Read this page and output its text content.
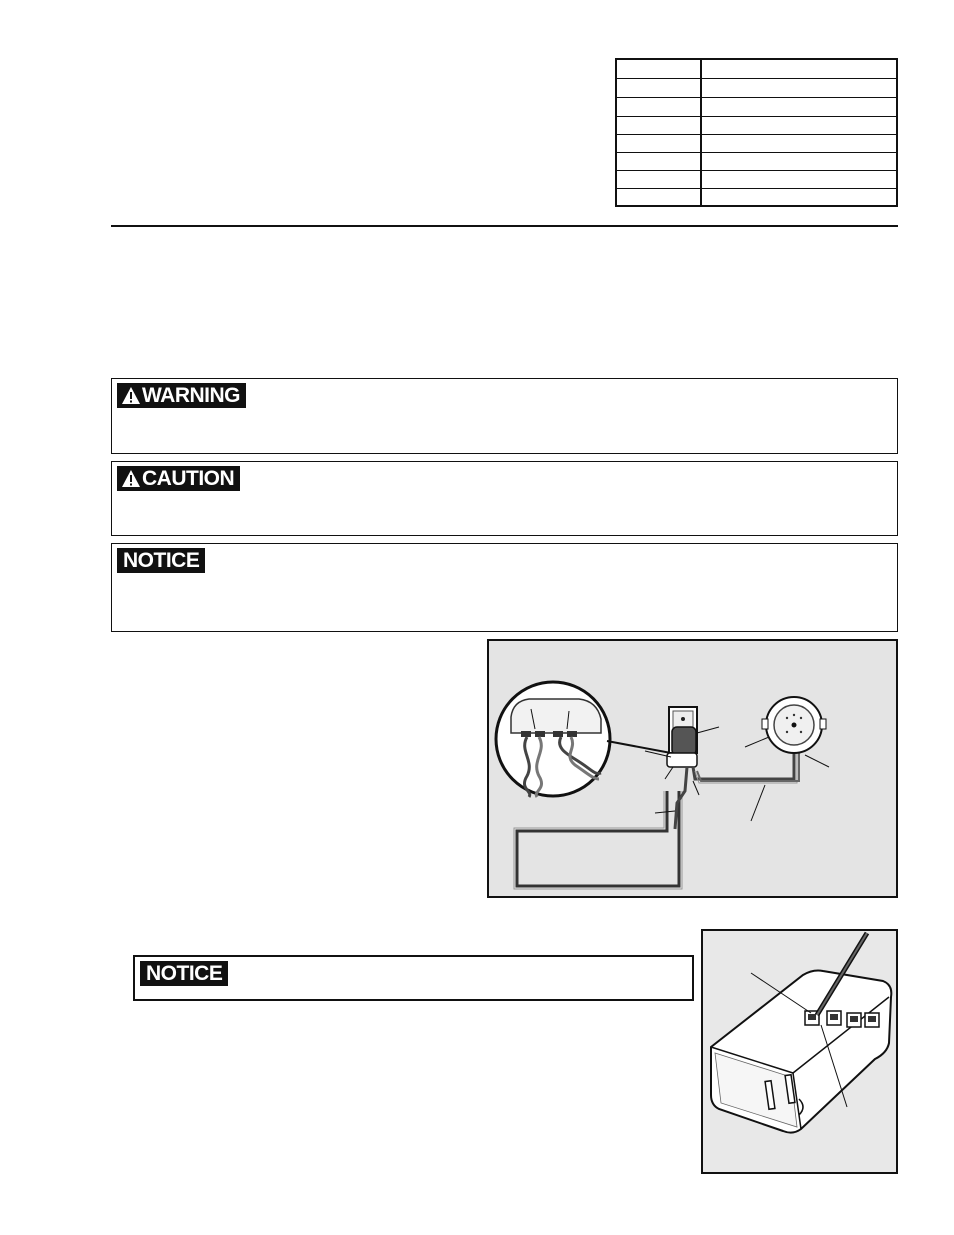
WARNING
CAUTION
NOTICE
NOTICE
